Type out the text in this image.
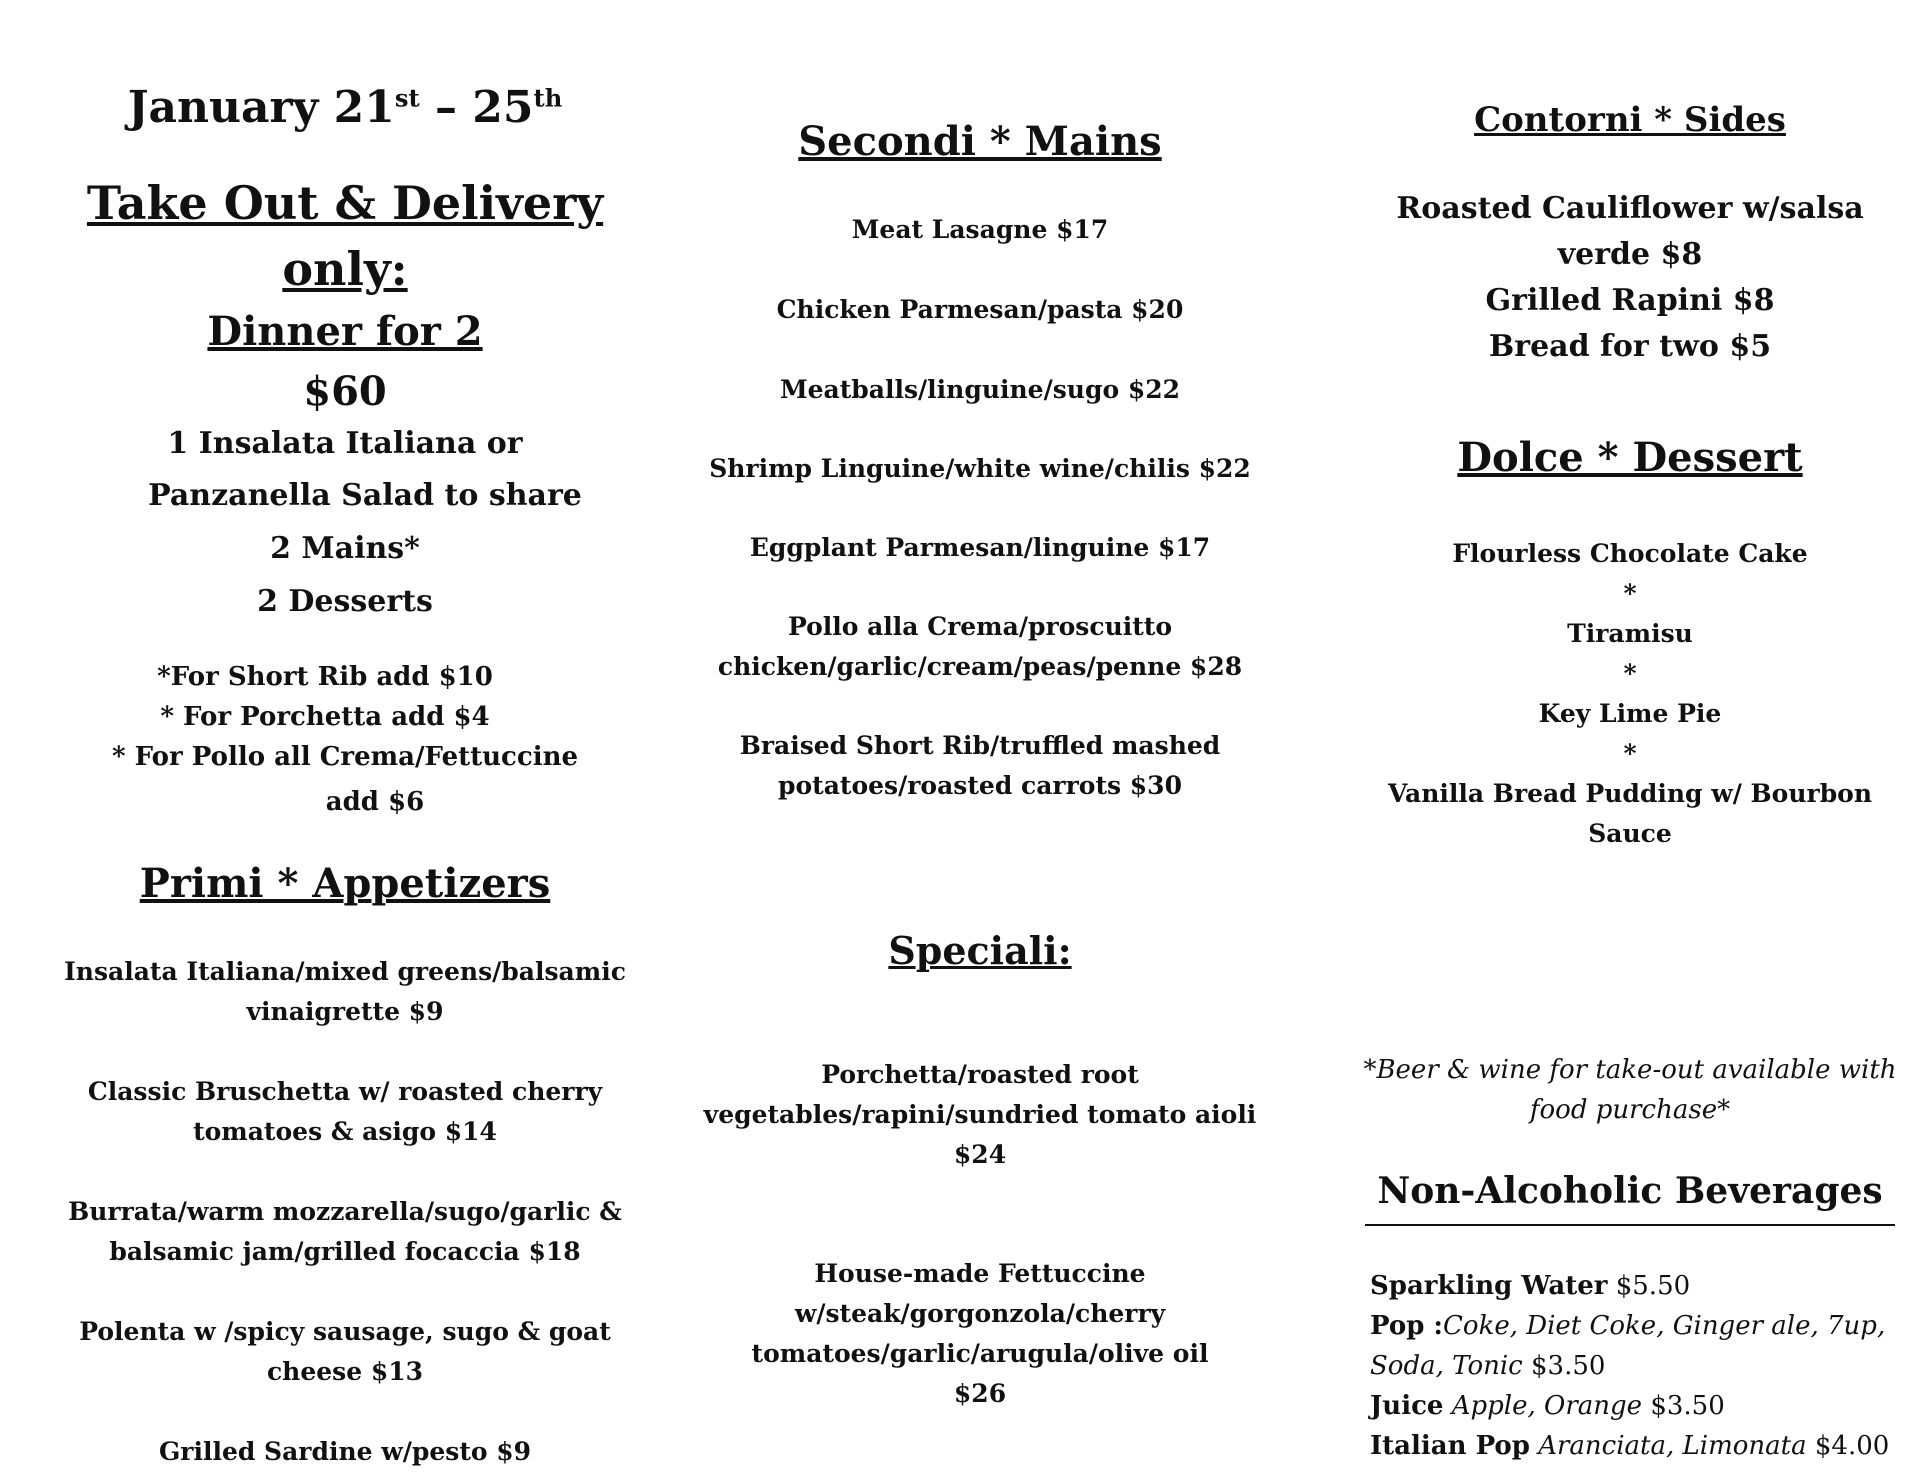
January 21st – 25th
Take Out & Delivery
only:
Dinner for 2
$60
1 Insalata Italiana or
Panzanella Salad to share
2 Mains*
2 Desserts
*For Short Rib add $10
* For Porchetta add $4
* For Pollo all Crema/Fettuccine
add $6
Primi * Appetizers
Insalata Italiana/mixed greens/balsamic
vinaigrette $9
Classic Bruschetta w/ roasted cherry
tomatoes & asigo $14
Burrata/warm mozzarella/sugo/garlic &
balsamic jam/grilled focaccia $18
Polenta w /spicy sausage, sugo & goat
cheese $13
Grilled Sardine w/pesto $9
Secondi * Mains
Meat Lasagne $17
Chicken Parmesan/pasta $20
Meatballs/linguine/sugo $22
Shrimp Linguine/white wine/chilis $22
Eggplant Parmesan/linguine $17
Pollo alla Crema/proscuitto
chicken/garlic/cream/peas/penne $28
Braised Short Rib/truffled mashed
potatoes/roasted carrots $30
Speciali:
Porchetta/roasted root
vegetables/rapini/sundried tomato aioli
$24
House-made Fettuccine
w/steak/gorgonzola/cherry
tomatoes/garlic/arugula/olive oil
$26
Contorni * Sides
Roasted Cauliflower w/salsa
verde $8
Grilled Rapini $8
Bread for two $5
Dolce * Dessert
Flourless Chocolate Cake
*
Tiramisu
*
Key Lime Pie
*
Vanilla Bread Pudding w/ Bourbon
Sauce
*Beer & wine for take-out available with
food purchase*
Non-Alcoholic Beverages
Sparkling Water $5.50
Pop :Coke, Diet Coke, Ginger ale, 7up,
Soda, Tonic $3.50
Juice Apple, Orange $3.50
Italian Pop Aranciata, Limonata $4.00
